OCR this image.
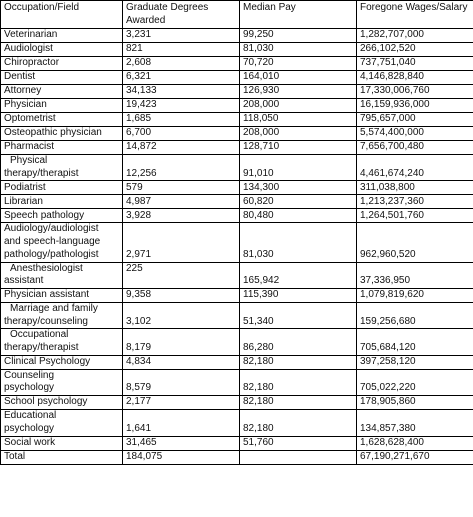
Occupation/Field	Graduate Degrees Awarded	Median Pay	Foregone Wages/Salary
Veterinarian	3,231	99,250	1,282,707,000
Audiologist	821	81,030	266,102,520
Chiropractor	2,608	70,720	737,751,040
Dentist	6,321	164,010	4,146,828,840
Attorney	34,133	126,930	17,330,006,760
Physician	19,423	208,000	16,159,936,000
Optometrist	1,685	118,050	795,657,000
Osteopathic physician	6,700	208,000	5,574,400,000
Pharmacist	14,872	128,710	7,656,700,480
Physical
therapy/therapist	12,256	91,010	4,461,674,240
Podiatrist	579	134,300	311,038,800
Librarian	4,987	60,820	1,213,237,360
Speech pathology	3,928	80,480	1,264,501,760
Audiology/audiologist
and speech-language
pathology/pathologist	2,971	81,030	962,960,520
Anesthesiologist
assistant	225	165,942	37,336,950
Physician assistant	9,358	115,390	1,079,819,620
Marriage and family
therapy/counseling	3,102	51,340	159,256,680
Occupational
therapy/therapist	8,179	86,280	705,684,120
Clinical Psychology	4,834	82,180	397,258,120
Counseling
psychology	8,579	82,180	705,022,220
School psychology	2,177	82,180	178,905,860
Educational
psychology	1,641	82,180	134,857,380
Social work	31,465	51,760	1,628,628,400
Total	184,075		67,190,271,670
